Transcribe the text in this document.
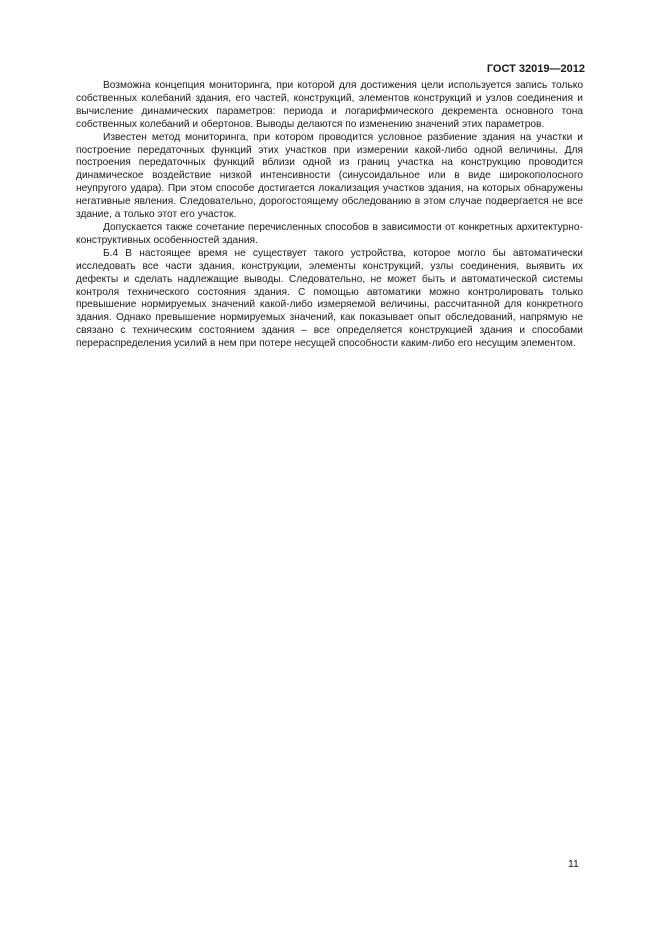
ГОСТ 32019—2012

Возможна концепция мониторинга, при которой для достижения цели используется запись только собственных колебаний здания, его частей, конструкций, элементов конструкций и узлов соединения и вычисление динамических параметров: периода и логарифмического декремента основного тона собственных колебаний и обертонов. Выводы делаются по изменению значений этих параметров.

Известен метод мониторинга, при котором проводится условное разбиение здания на участки и построение передаточных функций этих участков при измерении какой-либо одной величины. Для построения передаточных функций вблизи одной из границ участка на конструкцию проводится динамическое воздействие низкой интенсивности (синусоидальное или в виде широкополосного неупругого удара). При этом способе достигается локализация участков здания, на которых обнаружены негативные явления. Следовательно, дорогостоящему обследованию в этом случае подвергается не все здание, а только этот его участок.

Допускается также сочетание перечисленных способов в зависимости от конкретных архитектурно-конструктивных особенностей здания.

Б.4 В настоящее время не существует такого устройства, которое могло бы автоматически исследовать все части здания, конструкции, элементы конструкций, узлы соединения, выявить их дефекты и сделать надлежащие выводы. Следовательно, не может быть и автоматической системы контроля технического состояния здания. С помощью автоматики можно контролировать только превышение нормируемых значений какой-либо измеряемой величины, рассчитанной для конкретного здания. Однако превышение нормируемых значений, как показывает опыт обследований, напрямую не связано с техническим состоянием здания – все определяется конструкцией здания и способами перераспределения усилий в нем при потере несущей способности каким-либо его несущим элементом.

11
